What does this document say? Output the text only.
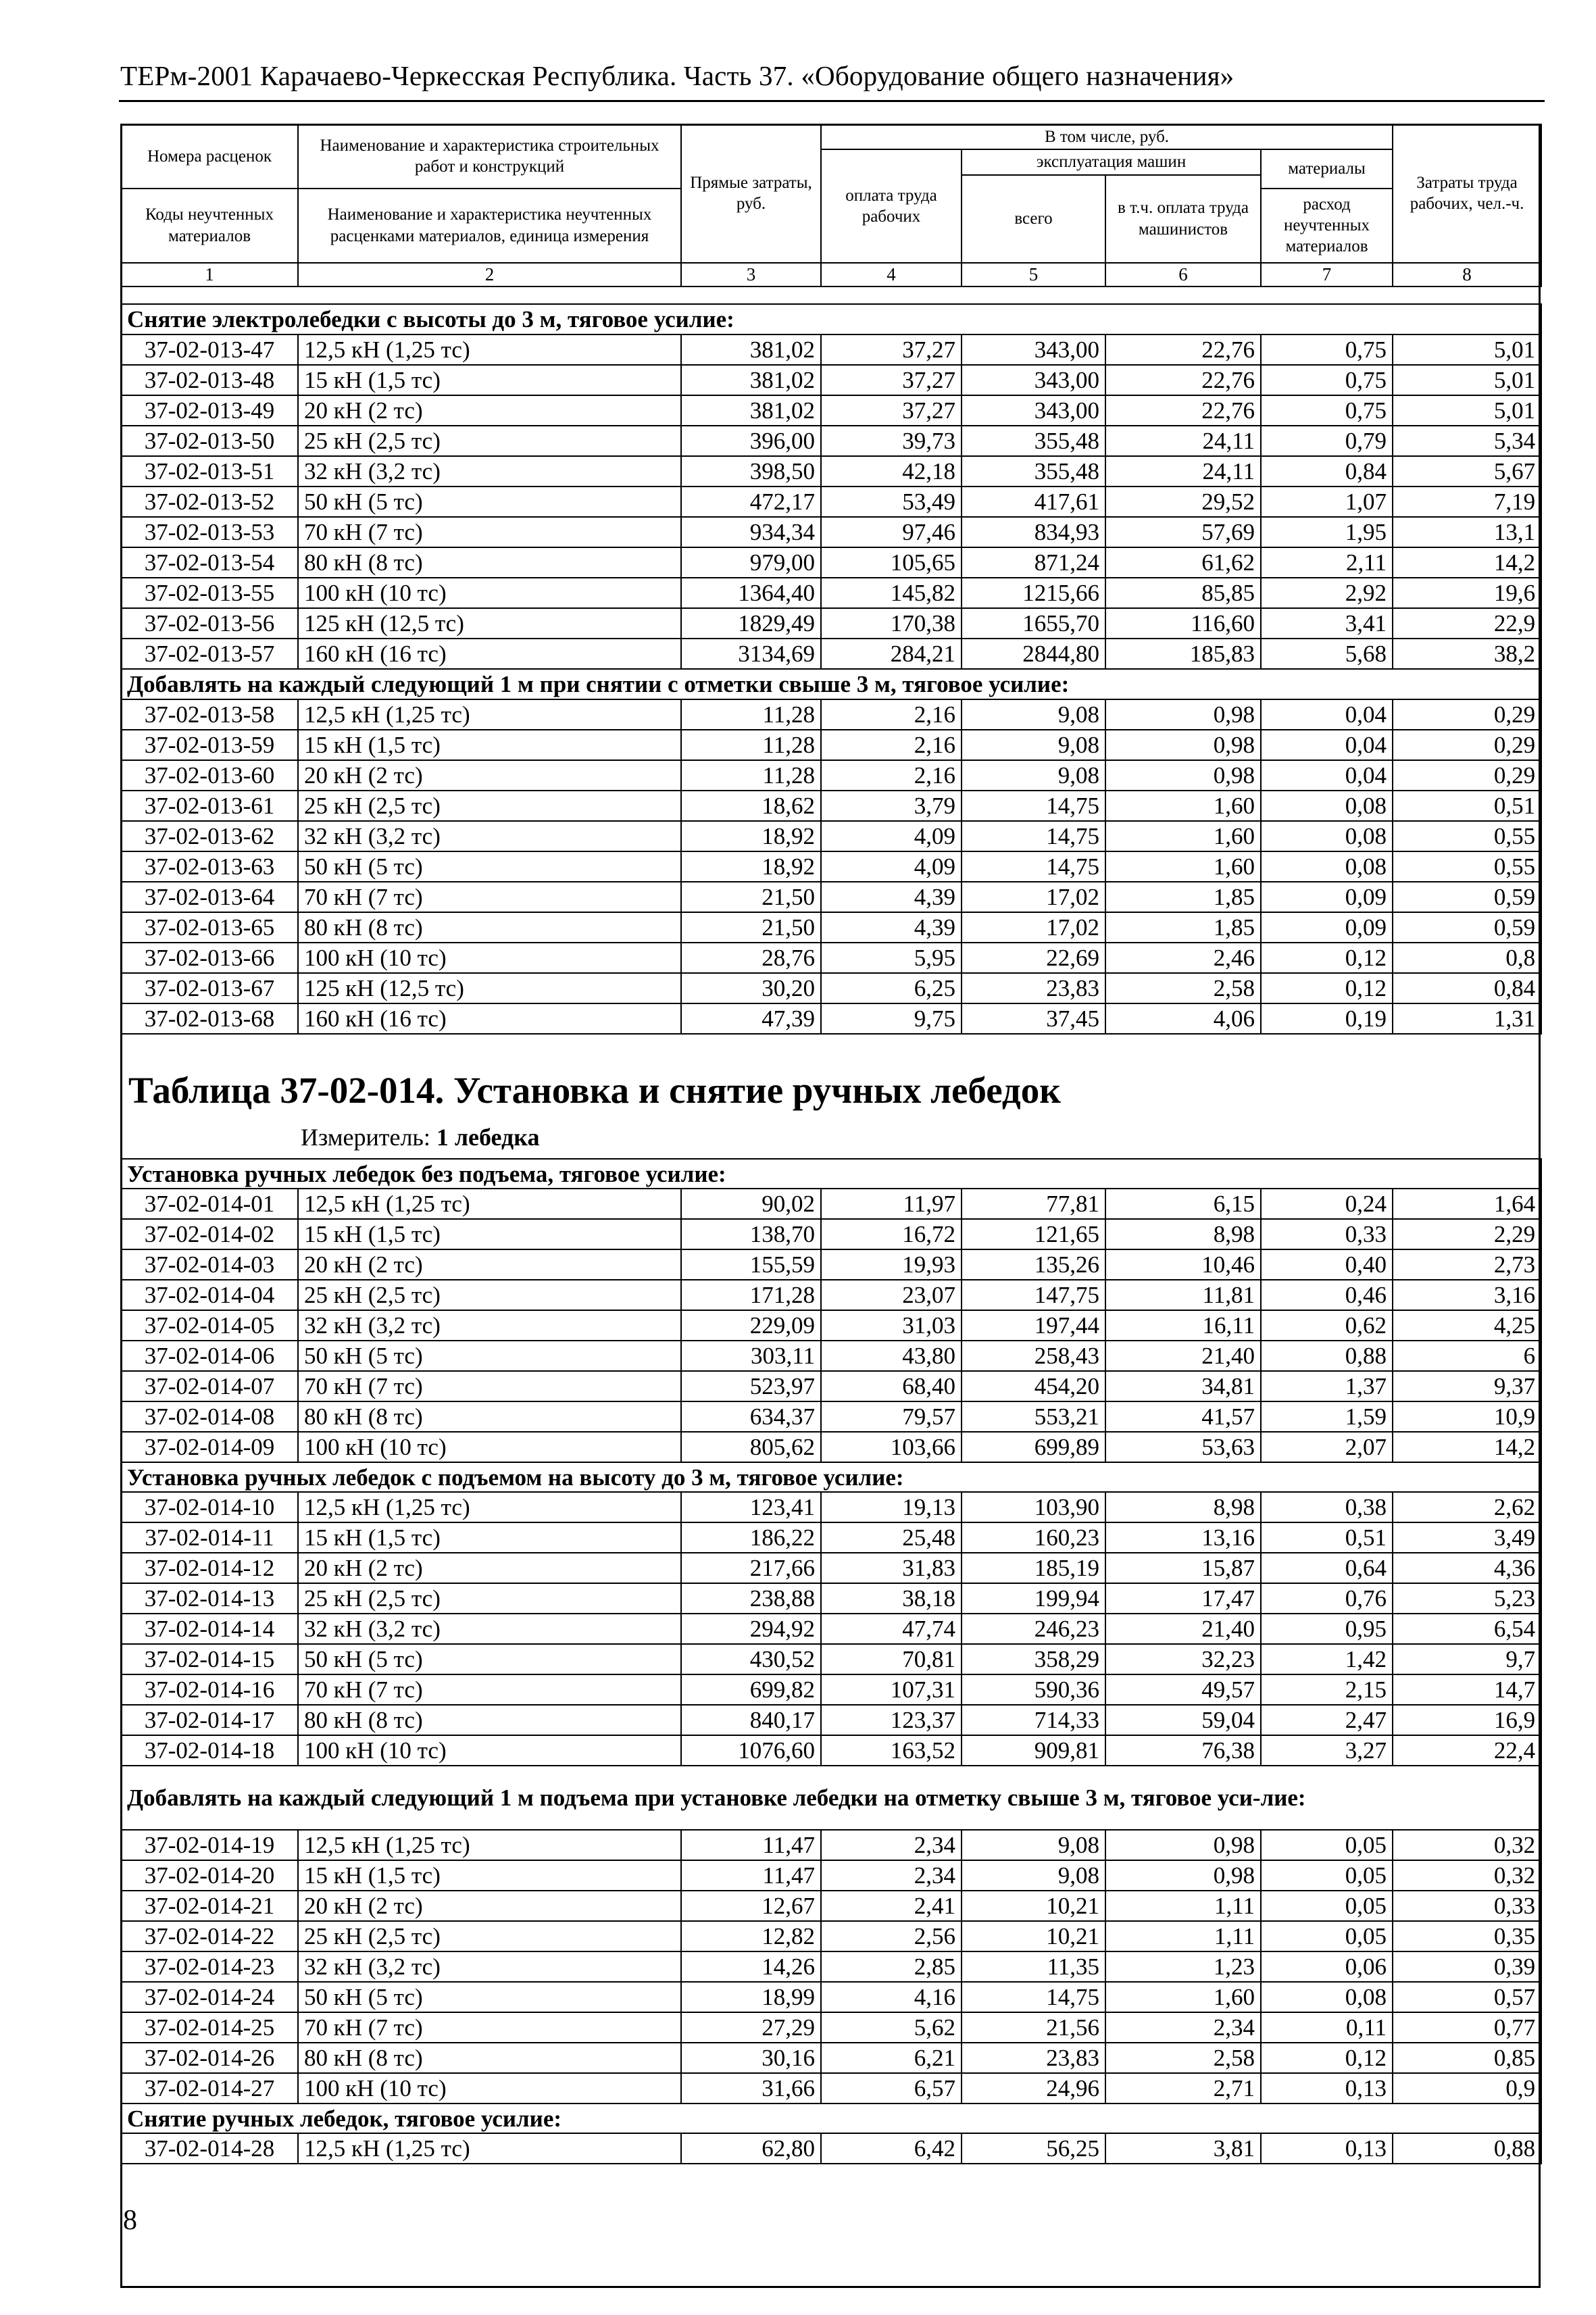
ТЕРм-2001 Карачаево-Черкесская Республика. Часть 37. «Оборудование общего назначения»
Номера расценок	Наименование и характеристика строительных работ и конструкций	Прямые затраты, руб.	В том числе, руб.				Затраты труда рабочих, чел.-ч.
			оплата труда рабочих	эксплуатация машин		материалы	
				всего	в т.ч. оплата труда машинистов		
Коды неучтенных материалов	Наименование и характеристика неучтенных расценками материалов, единица измерения					расход неучтенных материалов	

1	2	3	4	5	6	7	8
Снятие электролебедки с высоты до 3 м, тяговое усилие:							
37-02-013-47	12,5 кН (1,25 тс)	381,02	37,27	343,00	22,76	0,75	5,01
37-02-013-48	15 кН (1,5 тс)	381,02	37,27	343,00	22,76	0,75	5,01
37-02-013-49	20 кН (2 тс)	381,02	37,27	343,00	22,76	0,75	5,01
37-02-013-50	25 кН (2,5 тс)	396,00	39,73	355,48	24,11	0,79	5,34
37-02-013-51	32 кН (3,2 тс)	398,50	42,18	355,48	24,11	0,84	5,67
37-02-013-52	50 кН (5 тс)	472,17	53,49	417,61	29,52	1,07	7,19
37-02-013-53	70 кН (7 тс)	934,34	97,46	834,93	57,69	1,95	13,1
37-02-013-54	80 кН (8 тс)	979,00	105,65	871,24	61,62	2,11	14,2
37-02-013-55	100 кН (10 тс)	1364,40	145,82	1215,66	85,85	2,92	19,6
37-02-013-56	125 кН (12,5 тс)	1829,49	170,38	1655,70	116,60	3,41	22,9
37-02-013-57	160 кН (16 тс)	3134,69	284,21	2844,80	185,83	5,68	38,2
Добавлять на каждый следующий 1 м при снятии с отметки свыше 3 м, тяговое усилие:							
37-02-013-58	12,5 кН (1,25 тс)	11,28	2,16	9,08	0,98	0,04	0,29
37-02-013-59	15 кН (1,5 тс)	11,28	2,16	9,08	0,98	0,04	0,29
37-02-013-60	20 кН (2 тс)	11,28	2,16	9,08	0,98	0,04	0,29
37-02-013-61	25 кН (2,5 тс)	18,62	3,79	14,75	1,60	0,08	0,51
37-02-013-62	32 кН (3,2 тс)	18,92	4,09	14,75	1,60	0,08	0,55
37-02-013-63	50 кН (5 тс)	18,92	4,09	14,75	1,60	0,08	0,55
37-02-013-64	70 кН (7 тс)	21,50	4,39	17,02	1,85	0,09	0,59
37-02-013-65	80 кН (8 тс)	21,50	4,39	17,02	1,85	0,09	0,59
37-02-013-66	100 кН (10 тс)	28,76	5,95	22,69	2,46	0,12	0,8
37-02-013-67	125 кН (12,5 тс)	30,20	6,25	23,83	2,58	0,12	0,84
37-02-013-68	160 кН (16 тс)	47,39	9,75	37,45	4,06	0,19	1,31
Таблица 37-02-014. Установка и снятие ручных лебедок
Измеритель: 1 лебедка
Установка ручных лебедок без подъема, тяговое усилие:							
37-02-014-01	12,5 кН (1,25 тс)	90,02	11,97	77,81	6,15	0,24	1,64
37-02-014-02	15 кН (1,5 тс)	138,70	16,72	121,65	8,98	0,33	2,29
37-02-014-03	20 кН (2 тс)	155,59	19,93	135,26	10,46	0,40	2,73
37-02-014-04	25 кН (2,5 тс)	171,28	23,07	147,75	11,81	0,46	3,16
37-02-014-05	32 кН (3,2 тс)	229,09	31,03	197,44	16,11	0,62	4,25
37-02-014-06	50 кН (5 тс)	303,11	43,80	258,43	21,40	0,88	6
37-02-014-07	70 кН (7 тс)	523,97	68,40	454,20	34,81	1,37	9,37
37-02-014-08	80 кН (8 тс)	634,37	79,57	553,21	41,57	1,59	10,9
37-02-014-09	100 кН (10 тс)	805,62	103,66	699,89	53,63	2,07	14,2
Установка ручных лебедок с подъемом на высоту до 3 м, тяговое усилие:							
37-02-014-10	12,5 кН (1,25 тс)	123,41	19,13	103,90	8,98	0,38	2,62
37-02-014-11	15 кН (1,5 тс)	186,22	25,48	160,23	13,16	0,51	3,49
37-02-014-12	20 кН (2 тс)	217,66	31,83	185,19	15,87	0,64	4,36
37-02-014-13	25 кН (2,5 тс)	238,88	38,18	199,94	17,47	0,76	5,23
37-02-014-14	32 кН (3,2 тс)	294,92	47,74	246,23	21,40	0,95	6,54
37-02-014-15	50 кН (5 тс)	430,52	70,81	358,29	32,23	1,42	9,7
37-02-014-16	70 кН (7 тс)	699,82	107,31	590,36	49,57	2,15	14,7
37-02-014-17	80 кН (8 тс)	840,17	123,37	714,33	59,04	2,47	16,9
37-02-014-18	100 кН (10 тс)	1076,60	163,52	909,81	76,38	3,27	22,4
Добавлять на каждый следующий 1 м подъема при установке лебедки на отметку свыше 3 м, тяговое уси-лие:							
37-02-014-19	12,5 кН (1,25 тс)	11,47	2,34	9,08	0,98	0,05	0,32
37-02-014-20	15 кН (1,5 тс)	11,47	2,34	9,08	0,98	0,05	0,32
37-02-014-21	20 кН (2 тс)	12,67	2,41	10,21	1,11	0,05	0,33
37-02-014-22	25 кН (2,5 тс)	12,82	2,56	10,21	1,11	0,05	0,35
37-02-014-23	32 кН (3,2 тс)	14,26	2,85	11,35	1,23	0,06	0,39
37-02-014-24	50 кН (5 тс)	18,99	4,16	14,75	1,60	0,08	0,57
37-02-014-25	70 кН (7 тс)	27,29	5,62	21,56	2,34	0,11	0,77
37-02-014-26	80 кН (8 тс)	30,16	6,21	23,83	2,58	0,12	0,85
37-02-014-27	100 кН (10 тс)	31,66	6,57	24,96	2,71	0,13	0,9
Снятие ручных лебедок, тяговое усилие:							
37-02-014-28	12,5 кН (1,25 тс)	62,80	6,42	56,25	3,81	0,13	0,88
8
